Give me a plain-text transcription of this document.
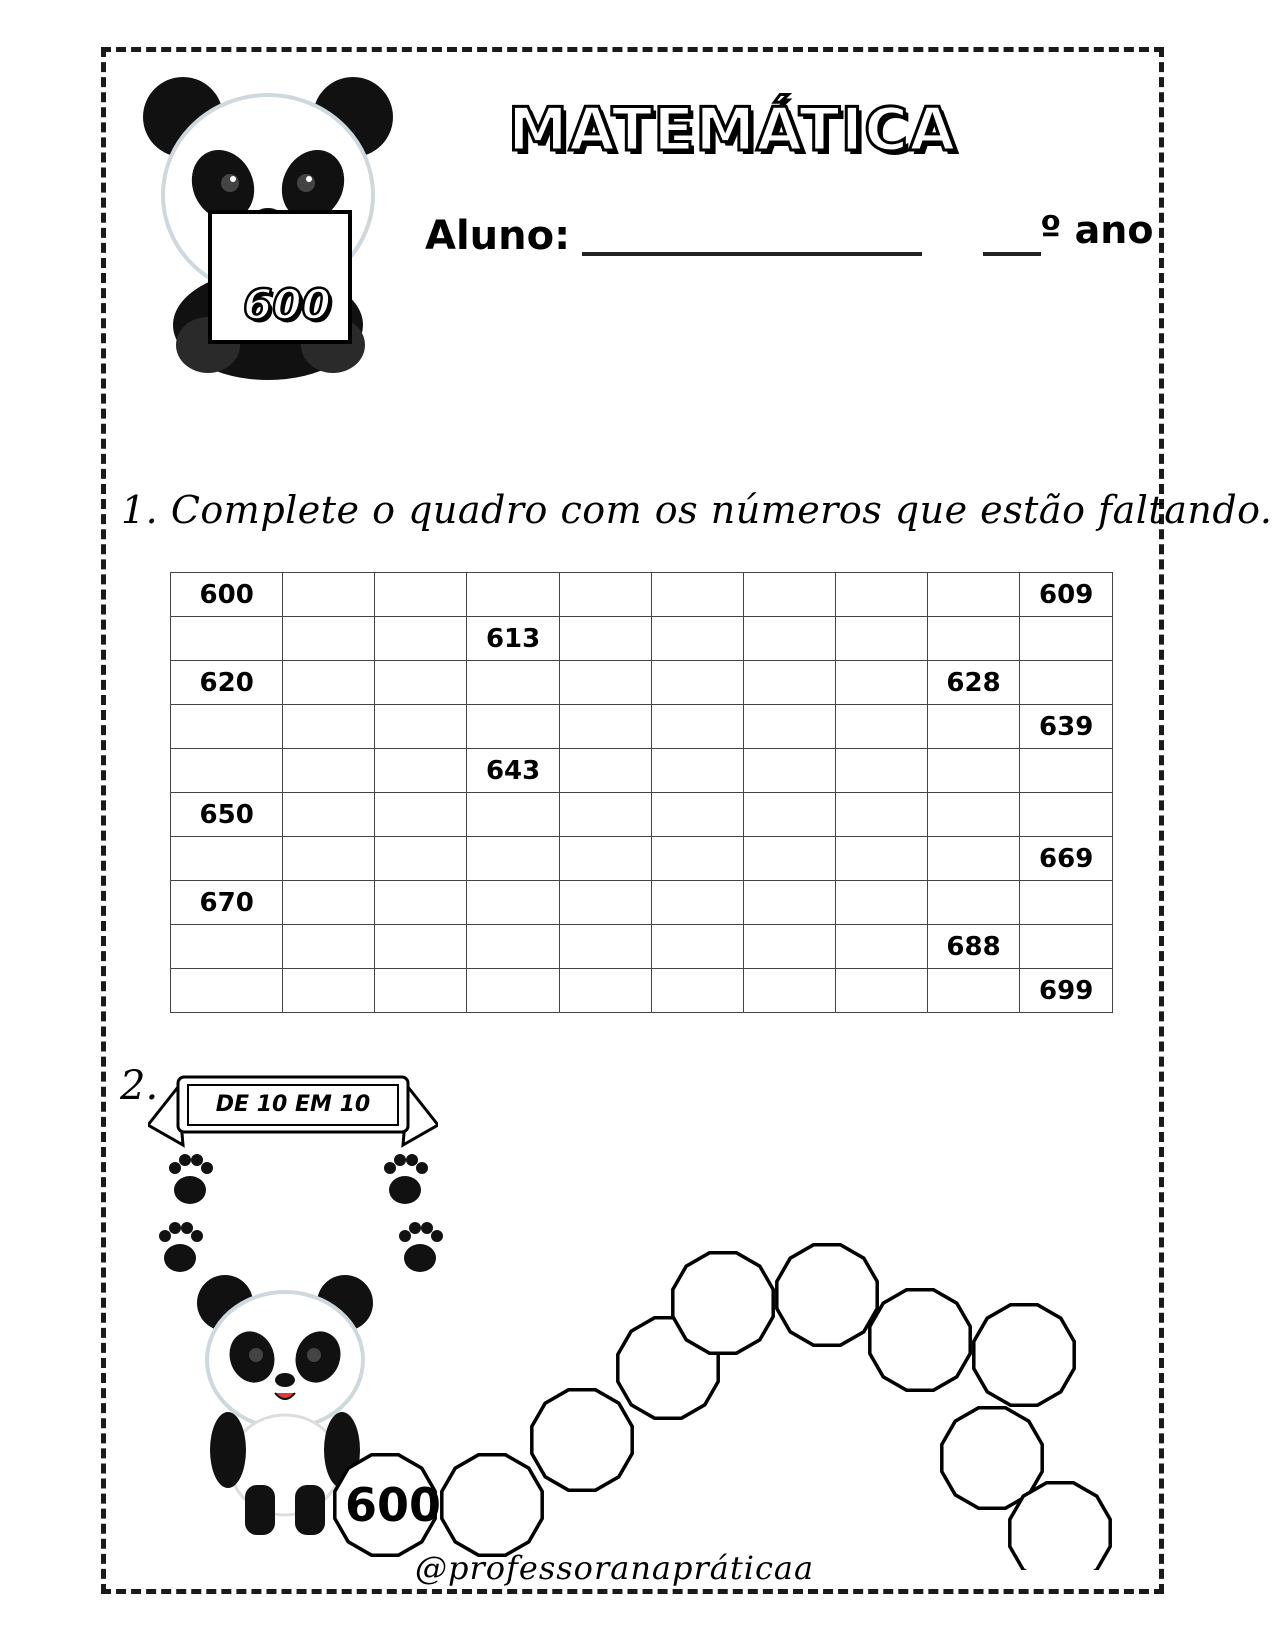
600
MATEMÁTICA
Aluno:	º ano
1. Complete o quadro com os números que estão faltando.
600									609
			613						
620								628	
									639
			643						
650									
									669
670									
								688	
									699
2.	DE 10 EM 10
600
@professoranapráticaa
